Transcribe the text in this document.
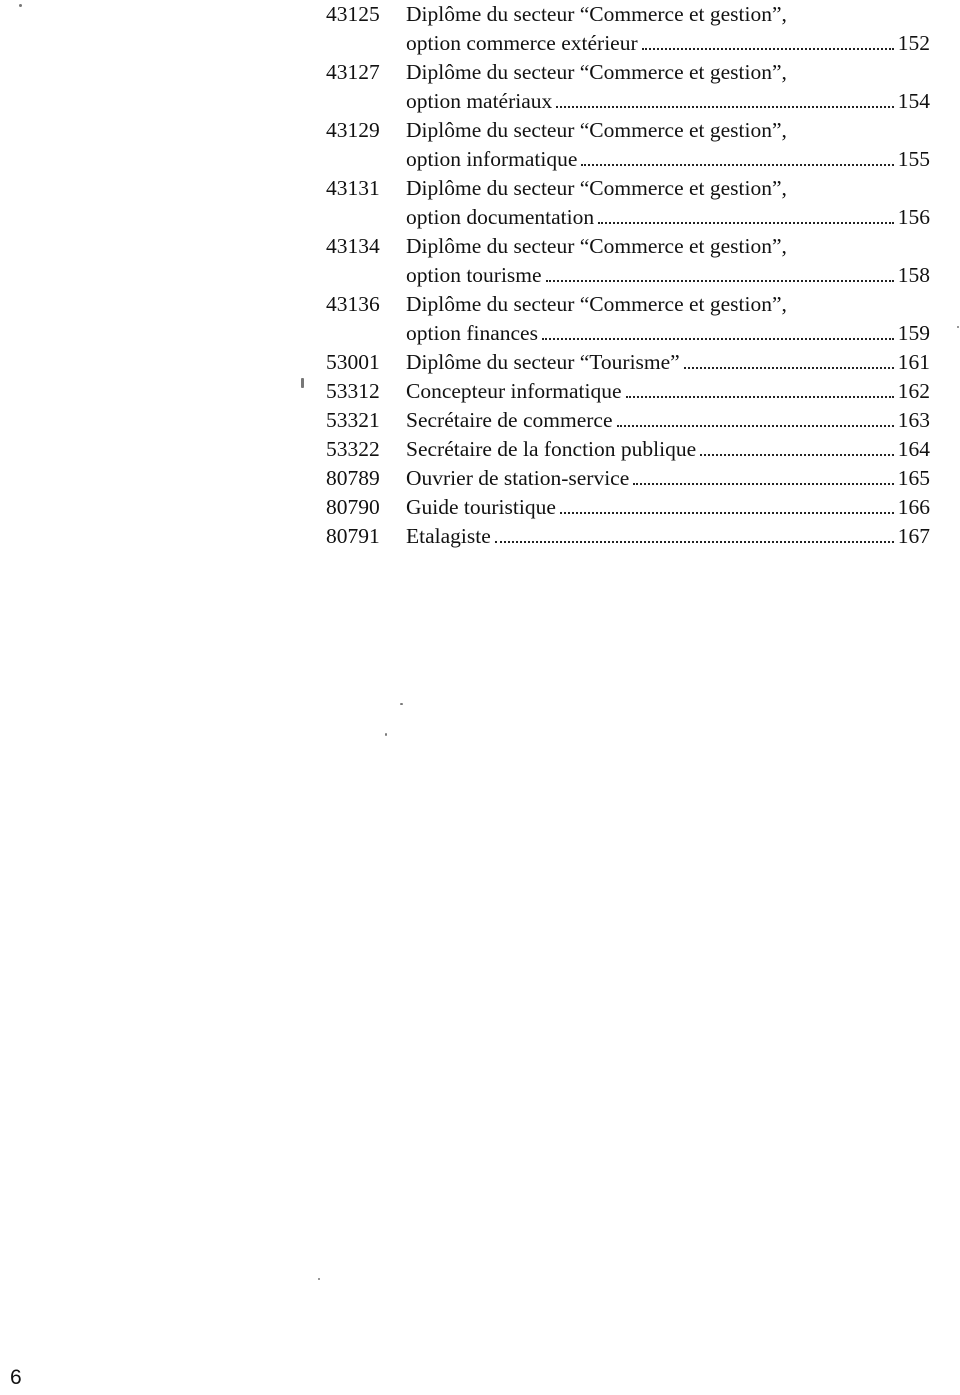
43125	Diplôme du secteur “Commerce et gestion”,
option commerce extérieur	152
43127	Diplôme du secteur “Commerce et gestion”,
option matériaux	154
43129	Diplôme du secteur “Commerce et gestion”,
option informatique	155
43131	Diplôme du secteur “Commerce et gestion”,
option documentation	156
43134	Diplôme du secteur “Commerce et gestion”,
option tourisme	158
43136	Diplôme du secteur “Commerce et gestion”,
option finances	159
53001	Diplôme du secteur “Tourisme”	161
53312	Concepteur informatique	162
53321	Secrétaire de commerce	163
53322	Secrétaire de la fonction publique	164
80789	Ouvrier de station-service	165
80790	Guide touristique	166
80791	Etalagiste	167
6
